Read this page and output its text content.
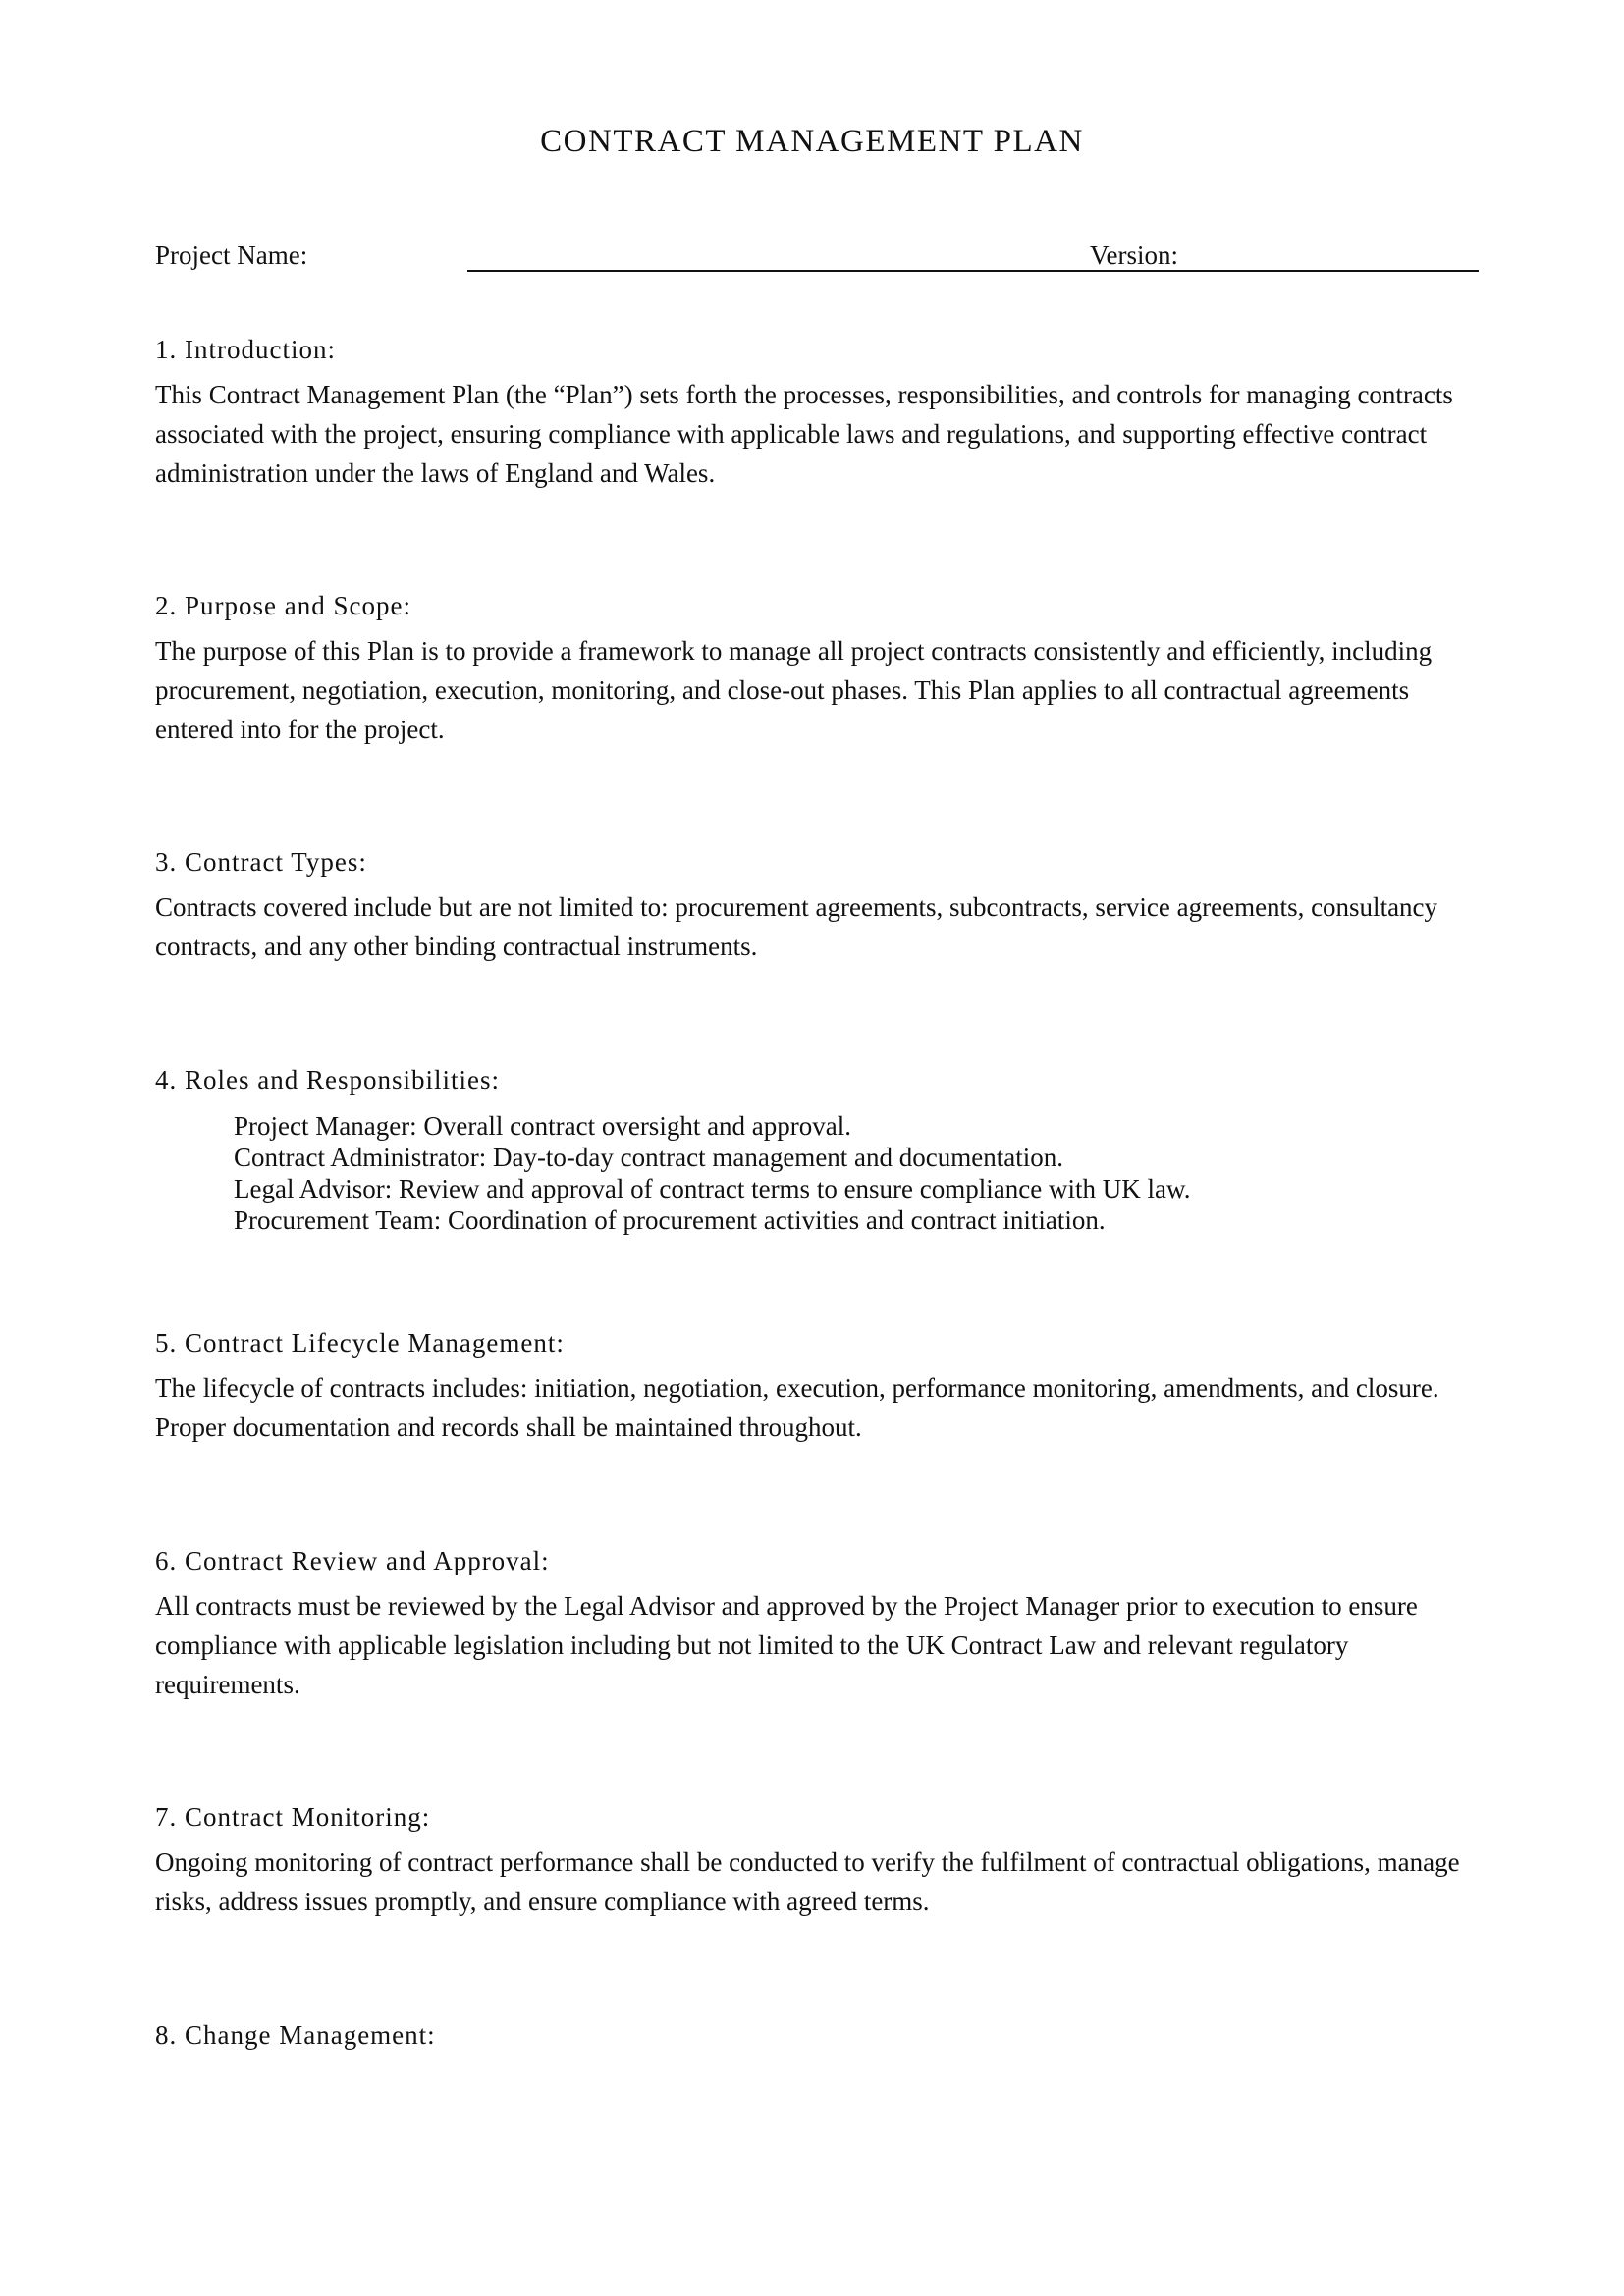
CONTRACT MANAGEMENT PLAN
Project Name:	Version:
1. Introduction:
This Contract Management Plan (the “Plan”) sets forth the processes, responsibilities, and controls for managing contracts associated with the project, ensuring compliance with applicable laws and regulations, and supporting effective contract administration under the laws of England and Wales.
2. Purpose and Scope:
The purpose of this Plan is to provide a framework to manage all project contracts consistently and efficiently, including procurement, negotiation, execution, monitoring, and close-out phases. This Plan applies to all contractual agreements entered into for the project.
3. Contract Types:
Contracts covered include but are not limited to: procurement agreements, subcontracts, service agreements, consultancy contracts, and any other binding contractual instruments.
4. Roles and Responsibilities:
Project Manager: Overall contract oversight and approval.
Contract Administrator: Day-to-day contract management and documentation.
Legal Advisor: Review and approval of contract terms to ensure compliance with UK law.
Procurement Team: Coordination of procurement activities and contract initiation.
5. Contract Lifecycle Management:
The lifecycle of contracts includes: initiation, negotiation, execution, performance monitoring, amendments, and closure. Proper documentation and records shall be maintained throughout.
6. Contract Review and Approval:
All contracts must be reviewed by the Legal Advisor and approved by the Project Manager prior to execution to ensure compliance with applicable legislation including but not limited to the UK Contract Law and relevant regulatory requirements.
7. Contract Monitoring:
Ongoing monitoring of contract performance shall be conducted to verify the fulfilment of contractual obligations, manage risks, address issues promptly, and ensure compliance with agreed terms.
8. Change Management:
